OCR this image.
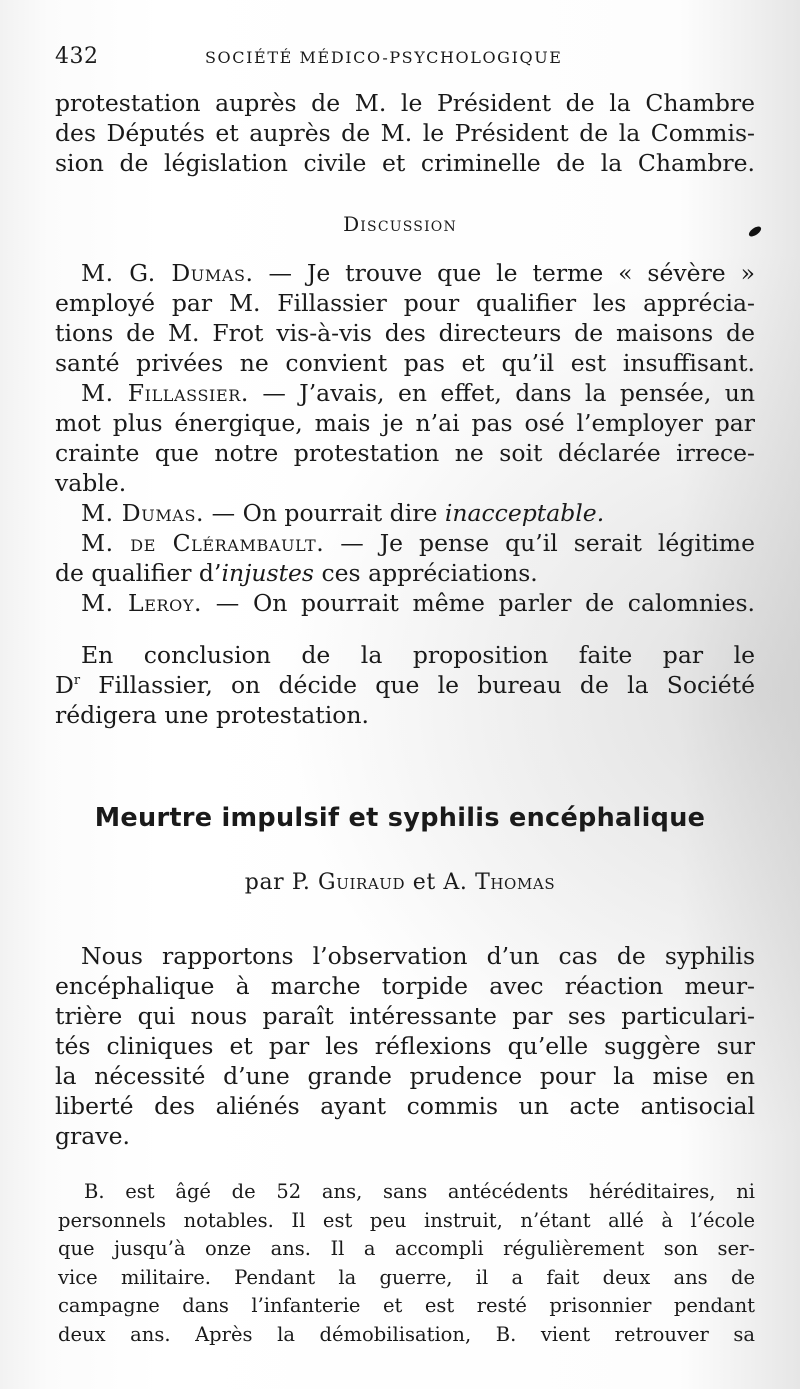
432	SOCIÉTÉ MÉDICO-PSYCHOLOGIQUE
protestation auprès de M. le Président de la Chambre
des Députés et auprès de M. le Président de la Commis-
sion de législation civile et criminelle de la Chambre.
Discussion
M. G. Dumas. — Je trouve que le terme « sévère »
employé par M. Fillassier pour qualifier les apprécia-
tions de M. Frot vis-à-vis des directeurs de maisons de
santé privées ne convient pas et qu’il est insuffisant.
M. Fillassier. — J’avais, en effet, dans la pensée, un
mot plus énergique, mais je n’ai pas osé l’employer par
crainte que notre protestation ne soit déclarée irrece-
vable.
M. Dumas. — On pourrait dire inacceptable.
M. de Clérambault. — Je pense qu’il serait légitime
de qualifier d’injustes ces appréciations.
M. Leroy. — On pourrait même parler de calomnies.
En conclusion de la proposition faite par le
$D^r$ Fillassier, on décide que le bureau de la Société
rédigera une protestation.
Meurtre impulsif et syphilis encéphalique
par P. Guiraud et A. Thomas
Nous rapportons l’observation d’un cas de syphilis
encéphalique à marche torpide avec réaction meur-
trière qui nous paraît intéressante par ses particulari-
tés cliniques et par les réflexions qu’elle suggère sur
la nécessité d’une grande prudence pour la mise en
liberté des aliénés ayant commis un acte antisocial
grave.
B. est âgé de 52 ans, sans antécédents héréditaires, ni
personnels notables. Il est peu instruit, n’étant allé à l’école
que jusqu’à onze ans. Il a accompli régulièrement son ser-
vice militaire. Pendant la guerre, il a fait deux ans de
campagne dans l’infanterie et est resté prisonnier pendant
deux ans. Après la démobilisation, B. vient retrouver sa
